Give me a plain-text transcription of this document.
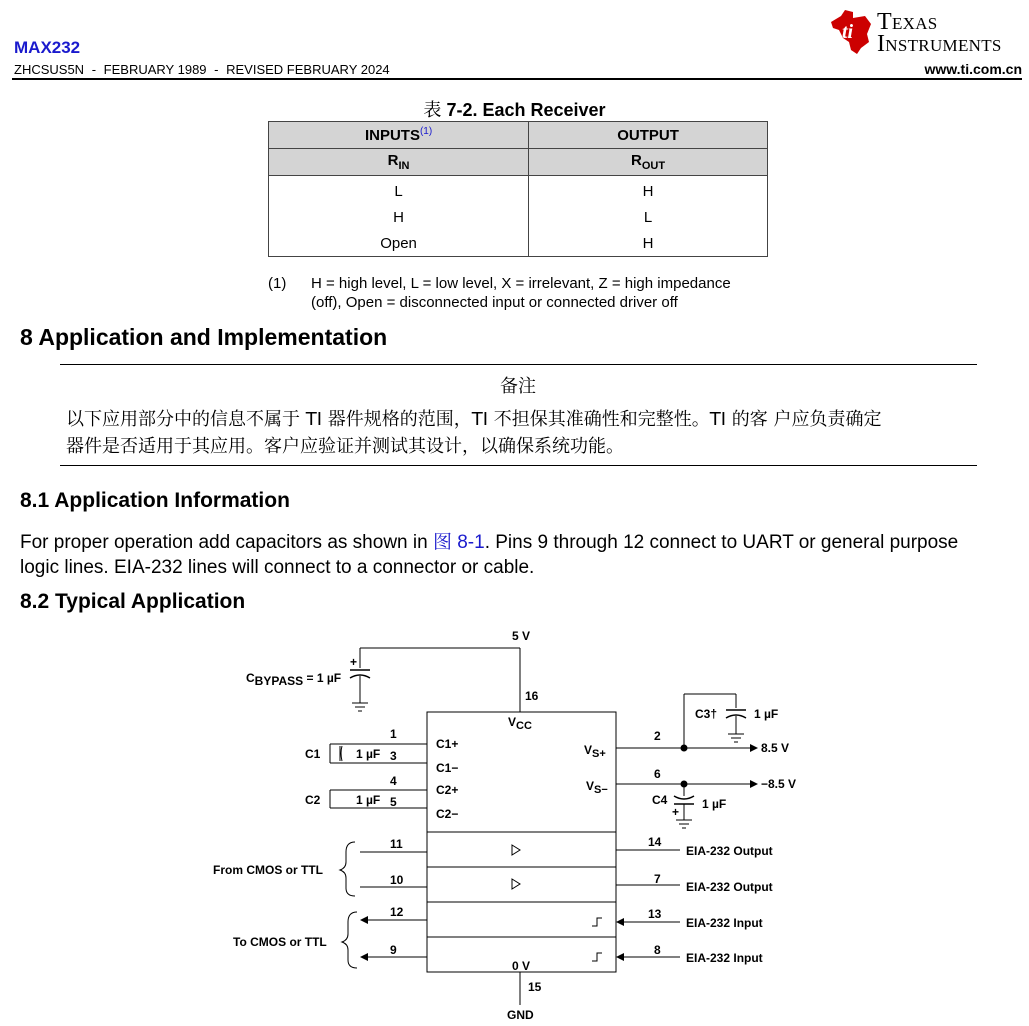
MAX232
ZHCSUS5N - FEBRUARY 1989 - REVISED FEBRUARY 2024
ti Texas
Instruments
www.ti.com.cn
表 7-2. Each Receiver
INPUTS$^{(1)}$	OUTPUT
$R_{IN}$	$R_{OUT}$
L	H
H	L
Open	H
(1) H = high level, L = low level, X = irrelevant, Z = high impedance
(off), Open = disconnected input or connected driver off
8 Application and Implementation
备注
以下应用部分中的信息不属于 TI 器件规格的范围，TI 不担保其准确性和完整性。TI 的客 户应负责确定
器件是否适用于其应用。客户应验证并测试其设计，以确保系统功能。
8.1 Application Information
For proper operation add capacitors as shown in 图 8-1. Pins 9 through 12 connect to UART or general purpose
logic lines. EIA-232 lines will connect to a connector or cable.
8.2 Typical Application
5 V
CBYPASS = 1 µF
+
16
VCC
1
3
4
5
C1	1 µF
C2	1 µF
C1+
C1−
C2+
C2−
VS+
VS−
2
6
C3†	1 µF
C4	1 µF
+
8.5 V
−8.5 V
11
10
12
9
From CMOS or TTL
To CMOS or TTL
14
7
13
8
EIA-232 Output
EIA-232 Output
EIA-232 Input
EIA-232 Input
0 V
15
GND
